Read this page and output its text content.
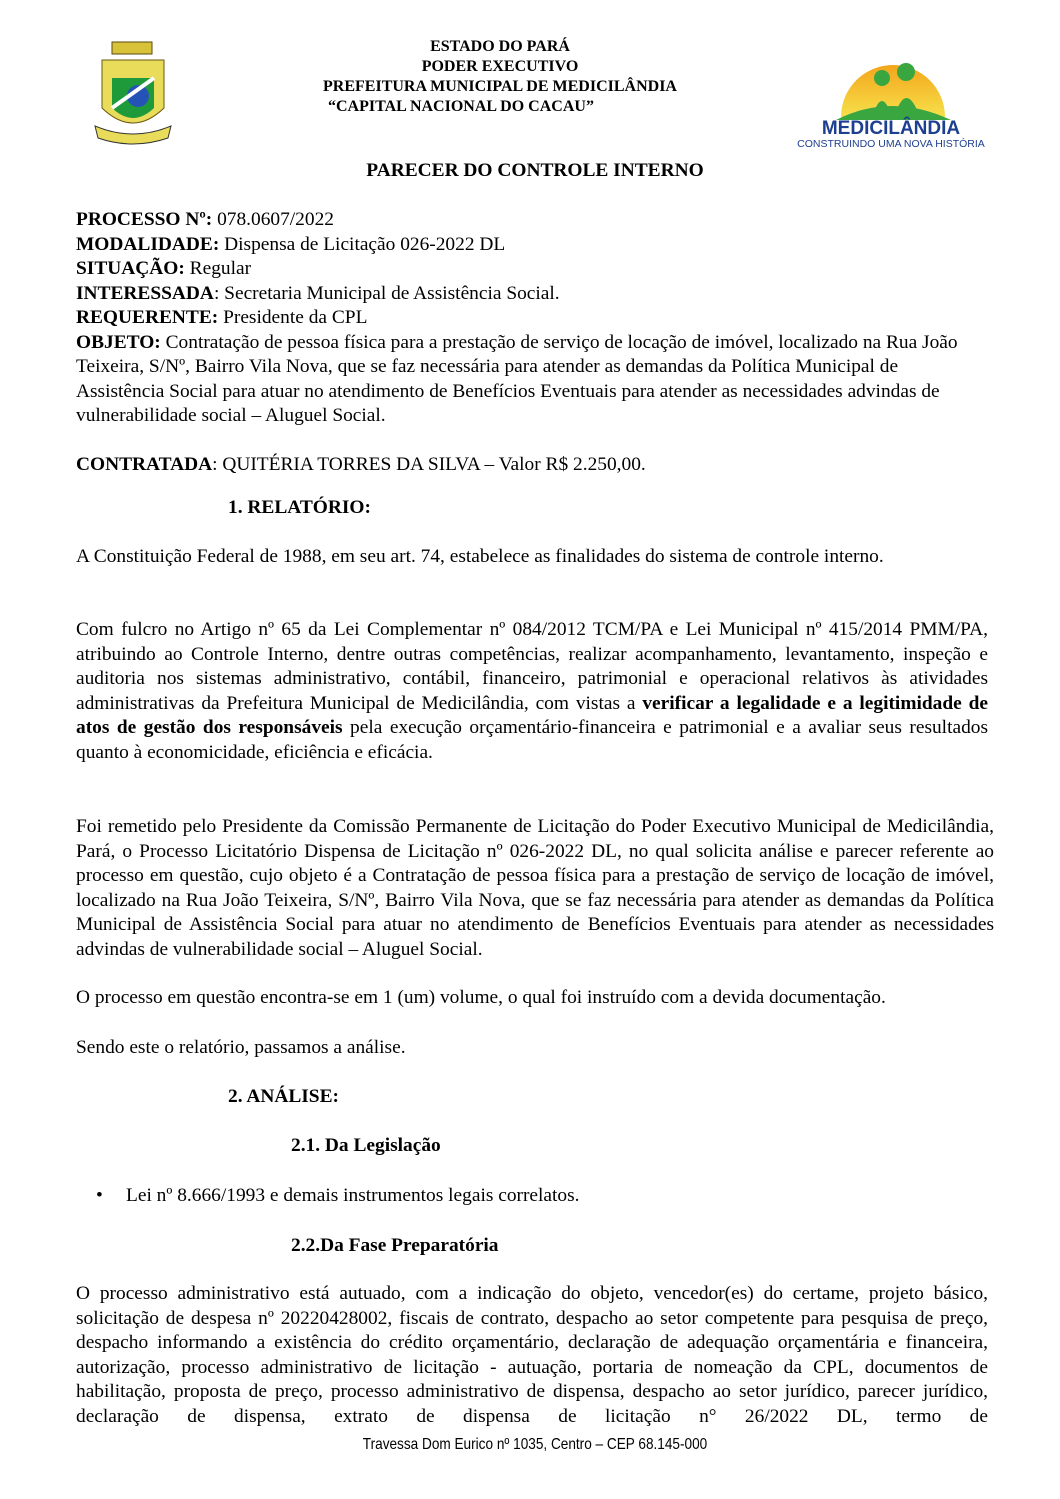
MEDICILÂNDIA
CONSTRUINDO UMA NOVA HISTÓRIA
ESTADO DO PARÁ
PODER EXECUTIVO
PREFEITURA MUNICIPAL DE MEDICILÂNDIA
“CAPITAL NACIONAL DO CACAU”
PARECER DO CONTROLE INTERNO
PROCESSO Nº: 078.0607/2022
MODALIDADE: Dispensa de Licitação 026-2022 DL
SITUAÇÃO: Regular
INTERESSADA: Secretaria Municipal de Assistência Social.
REQUERENTE: Presidente da CPL
OBJETO: Contratação de pessoa física para a prestação de serviço de locação de imóvel, localizado na Rua João Teixeira, S/Nº, Bairro Vila Nova, que se faz necessária para atender as demandas da Política Municipal de Assistência Social para atuar no atendimento de Benefícios Eventuais para atender as necessidades advindas de vulnerabilidade social – Aluguel Social.
CONTRATADA: QUITÉRIA TORRES DA SILVA – Valor R$ 2.250,00.
1. RELATÓRIO:

A Constituição Federal de 1988, em seu art. 74, estabelece as finalidades do sistema de controle interno.

Com fulcro no Artigo nº 65 da Lei Complementar nº 084/2012 TCM/PA e Lei Municipal nº 415/2014 PMM/PA, atribuindo ao Controle Interno, dentre outras competências, realizar acompanhamento, levantamento, inspeção e auditoria nos sistemas administrativo, contábil, financeiro, patrimonial e operacional relativos às atividades administrativas da Prefeitura Municipal de Medicilândia, com vistas a verificar a legalidade e a legitimidade de atos de gestão dos responsáveis pela execução orçamentário-financeira e patrimonial e a avaliar seus resultados quanto à economicidade, eficiência e eficácia.

Foi remetido pelo Presidente da Comissão Permanente de Licitação do Poder Executivo Municipal de Medicilândia, Pará, o Processo Licitatório Dispensa de Licitação nº 026-2022 DL, no qual solicita análise e parecer referente ao processo em questão, cujo objeto é a Contratação de pessoa física para a prestação de serviço de locação de imóvel, localizado na Rua João Teixeira, S/Nº, Bairro Vila Nova, que se faz necessária para atender as demandas da Política Municipal de Assistência Social para atuar no atendimento de Benefícios Eventuais para atender as necessidades advindas de vulnerabilidade social – Aluguel Social.

O processo em questão encontra-se em 1 (um) volume, o qual foi instruído com a devida documentação.

Sendo este o relatório, passamos a análise.

2. ANÁLISE:
2.1. Da Legislação
• Lei nº 8.666/1993 e demais instrumentos legais correlatos.
2.2.Da Fase Preparatória

O processo administrativo está autuado, com a indicação do objeto, vencedor(es) do certame, projeto básico, solicitação de despesa nº 20220428002, fiscais de contrato, despacho ao setor competente para pesquisa de preço, despacho informando a existência do crédito orçamentário, declaração de adequação orçamentária e financeira, autorização, processo administrativo de licitação - autuação, portaria de nomeação da CPL, documentos de habilitação, proposta de preço, processo administrativo de dispensa, despacho ao setor jurídico, parecer jurídico, declaração de dispensa, extrato de dispensa de licitação n° 26/2022 DL, termo de

Travessa Dom Eurico nº 1035, Centro – CEP 68.145-000
